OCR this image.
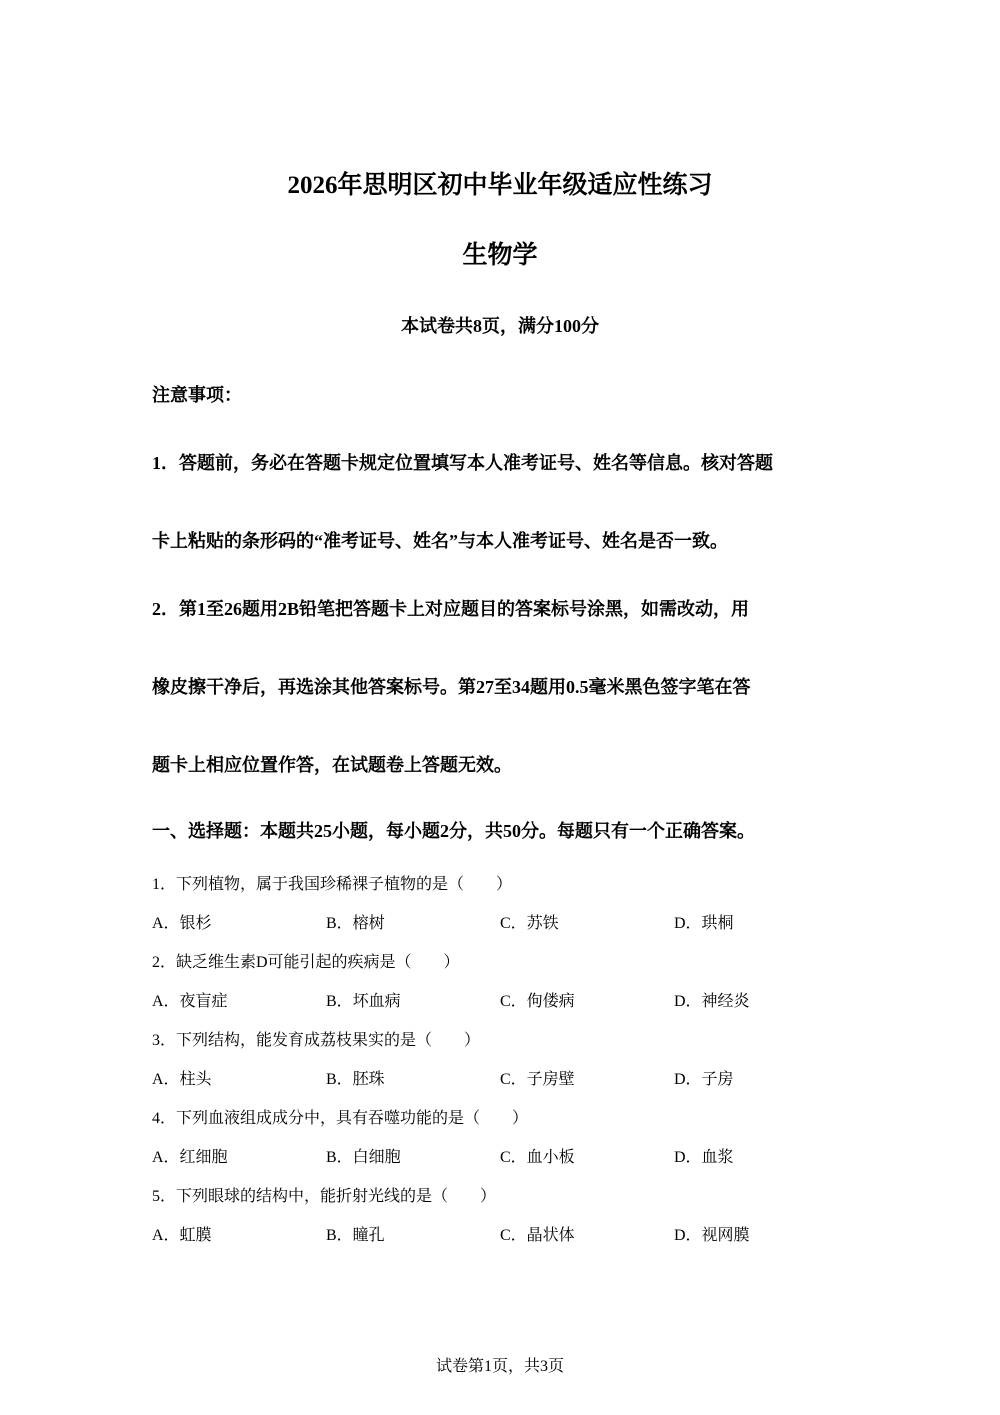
2026年思明区初中毕业年级适应性练习
生物学
本试卷共8页，满分100分
注意事项：
1．答题前，务必在答题卡规定位置填写本人准考证号、姓名等信息。核对答题
卡上粘贴的条形码的“准考证号、姓名”与本人准考证号、姓名是否一致。
2．第1至26题用2B铅笔把答题卡上对应题目的答案标号涂黑，如需改动，用
橡皮擦干净后，再选涂其他答案标号。第27至34题用0.5毫米黑色签字笔在答
题卡上相应位置作答，在试题卷上答题无效。
一、选择题：本题共25小题，每小题2分，共50分。每题只有一个正确答案。
1．下列植物，属于我国珍稀裸子植物的是（　　）
A．银杉	B．榕树	C．苏铁	D．珙桐
2．缺乏维生素D可能引起的疾病是（　　）
A．夜盲症	B．坏血病	C．佝偻病	D．神经炎
3．下列结构，能发育成荔枝果实的是（　　）
A．柱头	B．胚珠	C．子房壁	D．子房
4．下列血液组成成分中，具有吞噬功能的是（　　）
A．红细胞	B．白细胞	C．血小板	D．血浆
5．下列眼球的结构中，能折射光线的是（　　）
A．虹膜	B．瞳孔	C．晶状体	D．视网膜
试卷第1页，共3页
